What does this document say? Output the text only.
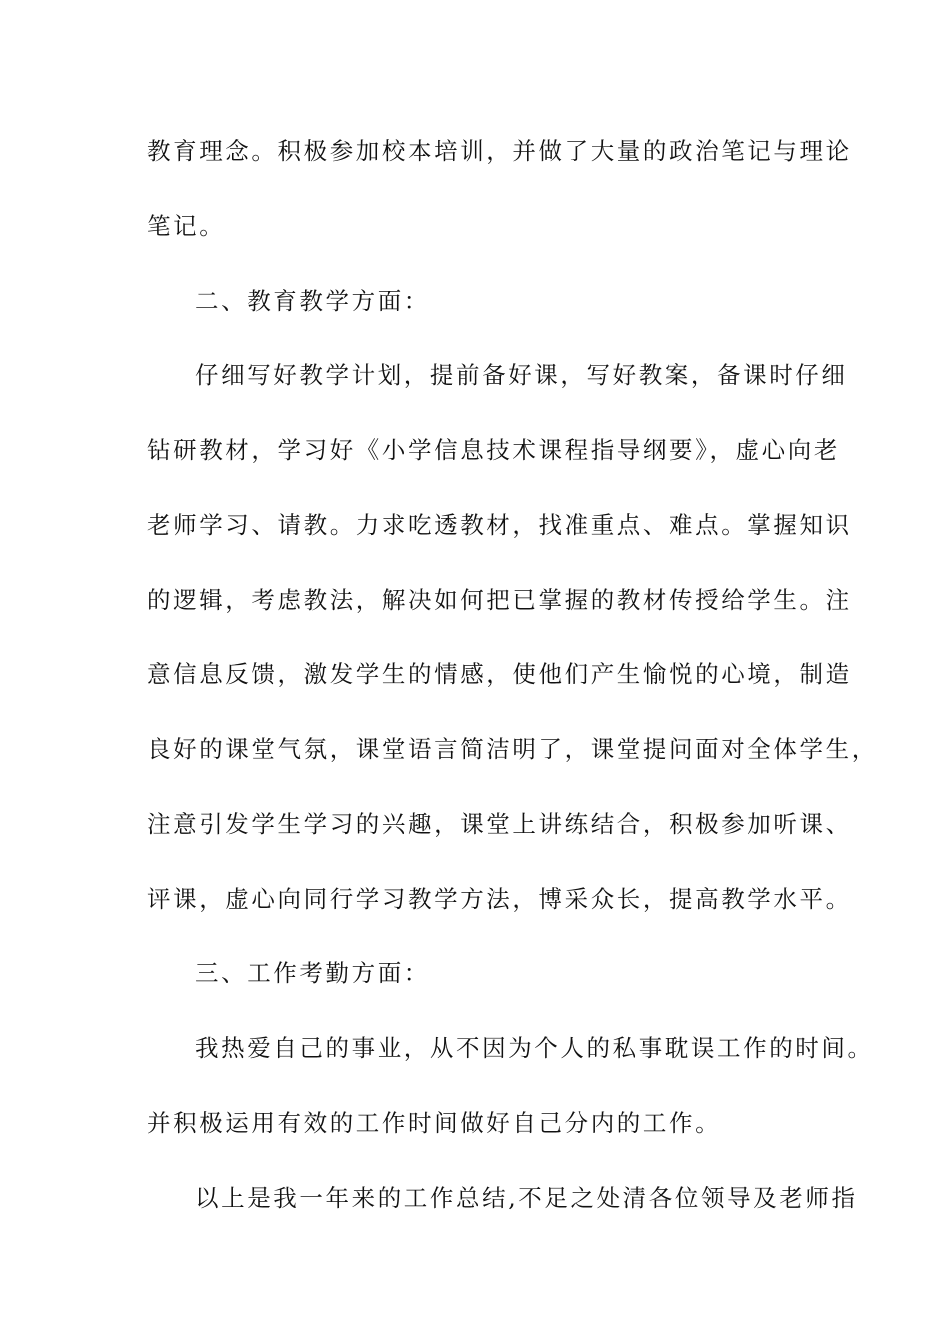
教育理念。积极参加校本培训，并做了大量的政治笔记与理论
笔记。
二、教育教学方面：
仔细写好教学计划，提前备好课，写好教案，备课时仔细
钻研教材，学习好《小学信息技术课程指导纲要》，虚心向老
老师学习、请教。力求吃透教材，找准重点、难点。掌握知识
的逻辑，考虑教法，解决如何把已掌握的教材传授给学生。注
意信息反馈，激发学生的情感，使他们产生愉悦的心境，制造
良好的课堂气氛，课堂语言简洁明了，课堂提问面对全体学生，
注意引发学生学习的兴趣，课堂上讲练结合，积极参加听课、
评课，虚心向同行学习教学方法，博采众长，提高教学水平。
三、工作考勤方面：
我热爱自己的事业，从不因为个人的私事耽误工作的时间。
并积极运用有效的工作时间做好自己分内的工作。
以上是我一年来的工作总结,不足之处清各位领导及老师指
